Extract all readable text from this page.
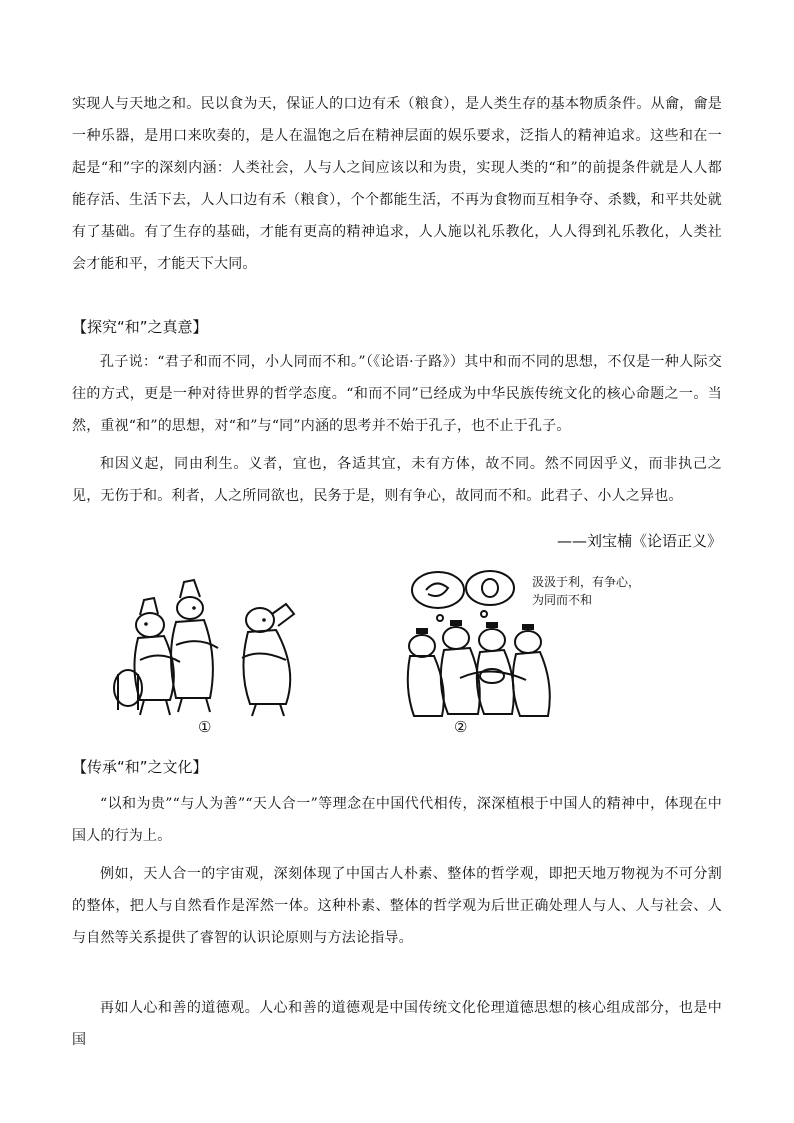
实现人与天地之和。民以食为天，保证人的口边有禾（粮食），是人类生存的基本物质条件。从龠，龠是一种乐器，是用口来吹奏的，是人在温饱之后在精神层面的娱乐要求，泛指人的精神追求。这些和在一起是“和”字的深刻内涵：人类社会，人与人之间应该以和为贵，实现人类的“和”的前提条件就是人人都能存活、生活下去，人人口边有禾（粮食），个个都能生活，不再为食物而互相争夺、杀戮，和平共处就有了基础。有了生存的基础，才能有更高的精神追求，人人施以礼乐教化，人人得到礼乐教化，人类社会才能和平，才能天下大同。

【探究“和”之真意】

孔子说：“君子和而不同，小人同而不和。”（《论语·子路》）其中和而不同的思想，不仅是一种人际交往的方式，更是一种对待世界的哲学态度。“和而不同”已经成为中华民族传统文化的核心命题之一。当然，重视“和”的思想，对“和”与“同”内涵的思考并不始于孔子，也不止于孔子。

和因义起，同由利生。义者，宜也，各适其宜，未有方体，故不同。然不同因乎义，而非执己之见，无伤于和。利者，人之所同欲也，民务于是，则有争心，故同而不和。此君子、小人之异也。

——刘宝楠《论语正义》

①
汲汲于利，有争心，
为同而不和
②

【传承“和”之文化】

“以和为贵”“与人为善”“天人合一”等理念在中国代代相传，深深植根于中国人的精神中，体现在中国人的行为上。

例如，天人合一的宇宙观，深刻体现了中国古人朴素、整体的哲学观，即把天地万物视为不可分割的整体，把人与自然看作是浑然一体。这种朴素、整体的哲学观为后世正确处理人与人、人与社会、人与自然等关系提供了睿智的认识论原则与方法论指导。

再如人心和善的道德观。人心和善的道德观是中国传统文化伦理道德思想的核心组成部分，也是中国
